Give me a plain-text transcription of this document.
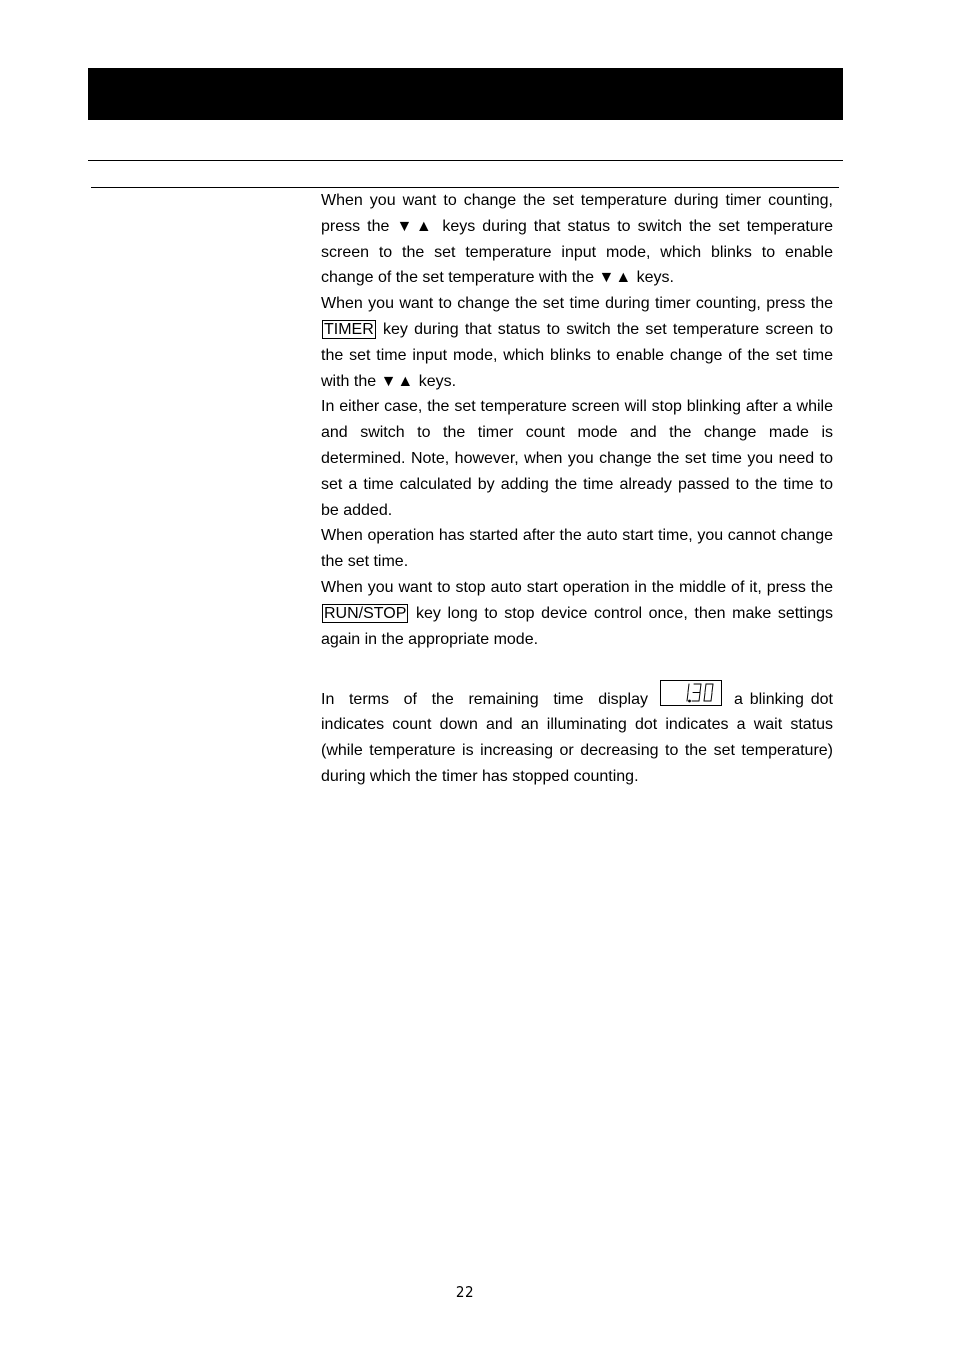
When you want to change the set temperature during timer counting, press the ▼▲ keys during that status to switch the set temperature screen to the set temperature input mode, which blinks to enable change of the set temperature with the ▼▲ keys.

When you want to change the set time during timer counting, press the TIMER key during that status to switch the set temperature screen to the set time input mode, which blinks to enable change of the set time with the ▼▲ keys.

In either case, the set temperature screen will stop blinking after a while and switch to the timer count mode and the change made is determined. Note, however, when you change the set time you need to set a time calculated by adding the time already passed to the time to be added.

When operation has started after the auto start time, you cannot change the set time.

When you want to stop auto start operation in the middle of it, press the RUN/STOP key long to stop device control once, then make settings again in the appropriate mode.

In terms of the remaining time display	a blinking dot

indicates count down and an illuminating dot indicates a wait status (while temperature is increasing or decreasing to the set temperature) during which the timer has stopped counting.

22
